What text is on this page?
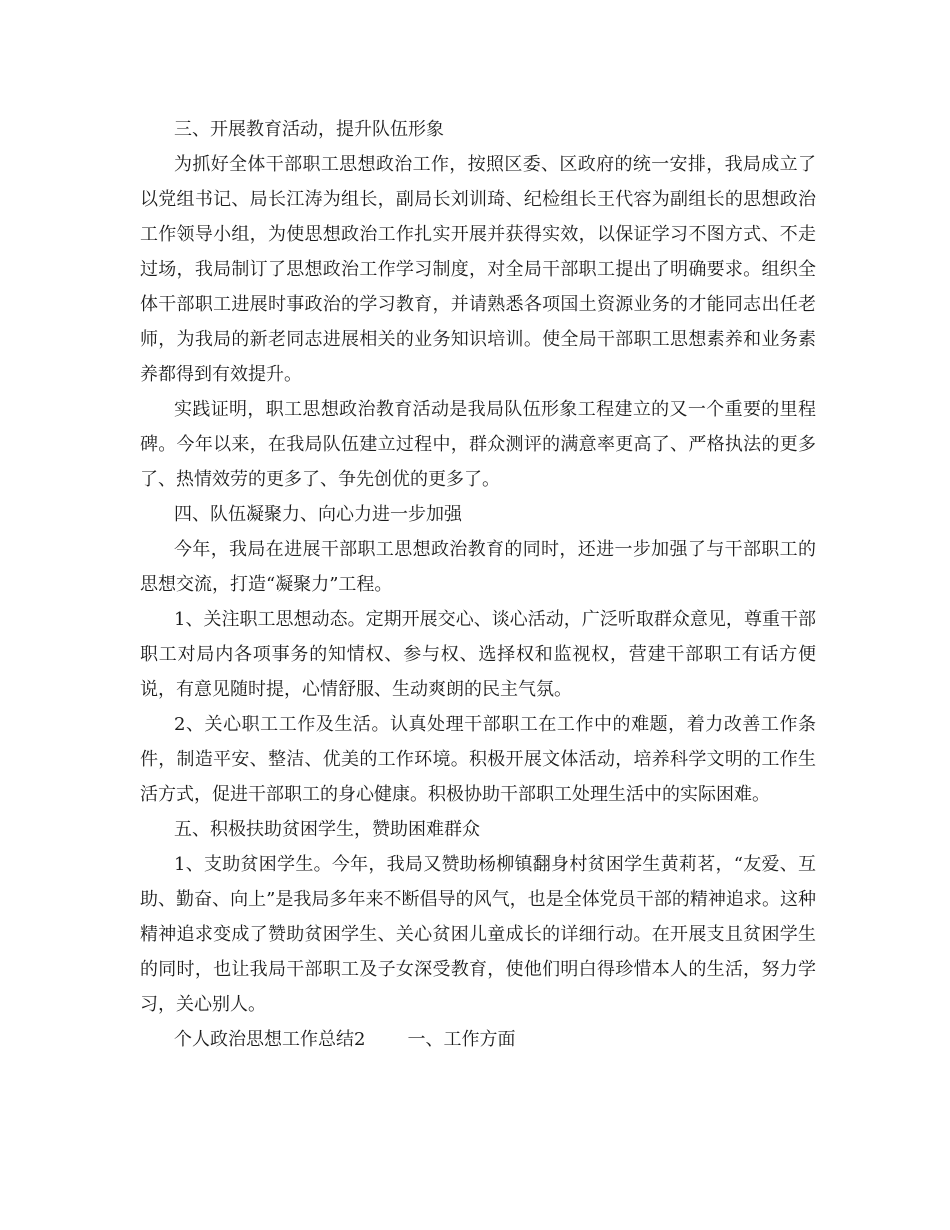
三、开展教育活动，提升队伍形象

为抓好全体干部职工思想政治工作，按照区委、区政府的统一安排，我局成立了以党组书记、局长江涛为组长，副局长刘训琦、纪检组长王代容为副组长的思想政治工作领导小组，为使思想政治工作扎实开展并获得实效，以保证学习不图方式、不走过场，我局制订了思想政治工作学习制度，对全局干部职工提出了明确要求。组织全体干部职工进展时事政治的学习教育，并请熟悉各项国土资源业务的才能同志出任老师，为我局的新老同志进展相关的业务知识培训。使全局干部职工思想素养和业务素养都得到有效提升。

实践证明，职工思想政治教育活动是我局队伍形象工程建立的又一个重要的里程碑。今年以来，在我局队伍建立过程中，群众测评的满意率更高了、严格执法的更多了、热情效劳的更多了、争先创优的更多了。

四、队伍凝聚力、向心力进一步加强

今年，我局在进展干部职工思想政治教育的同时，还进一步加强了与干部职工的思想交流，打造“凝聚力”工程。

1、关注职工思想动态。定期开展交心、谈心活动，广泛听取群众意见，尊重干部职工对局内各项事务的知情权、参与权、选择权和监视权，营建干部职工有话方便说，有意见随时提，心情舒服、生动爽朗的民主气氛。

2、关心职工工作及生活。认真处理干部职工在工作中的难题，着力改善工作条件，制造平安、整洁、优美的工作环境。积极开展文体活动，培养科学文明的工作生活方式，促进干部职工的身心健康。积极协助干部职工处理生活中的实际困难。

五、积极扶助贫困学生，赞助困难群众

1、支助贫困学生。今年，我局又赞助杨柳镇翻身村贫困学生黄莉茗，“友爱、互助、勤奋、向上”是我局多年来不断倡导的风气，也是全体党员干部的精神追求。这种精神追求变成了赞助贫困学生、关心贫困儿童成长的详细行动。在开展支且贫困学生的同时，也让我局干部职工及子女深受教育，使他们明白得珍惜本人的生活，努力学习，关心别人。

个人政治思想工作总结2 一、工作方面
